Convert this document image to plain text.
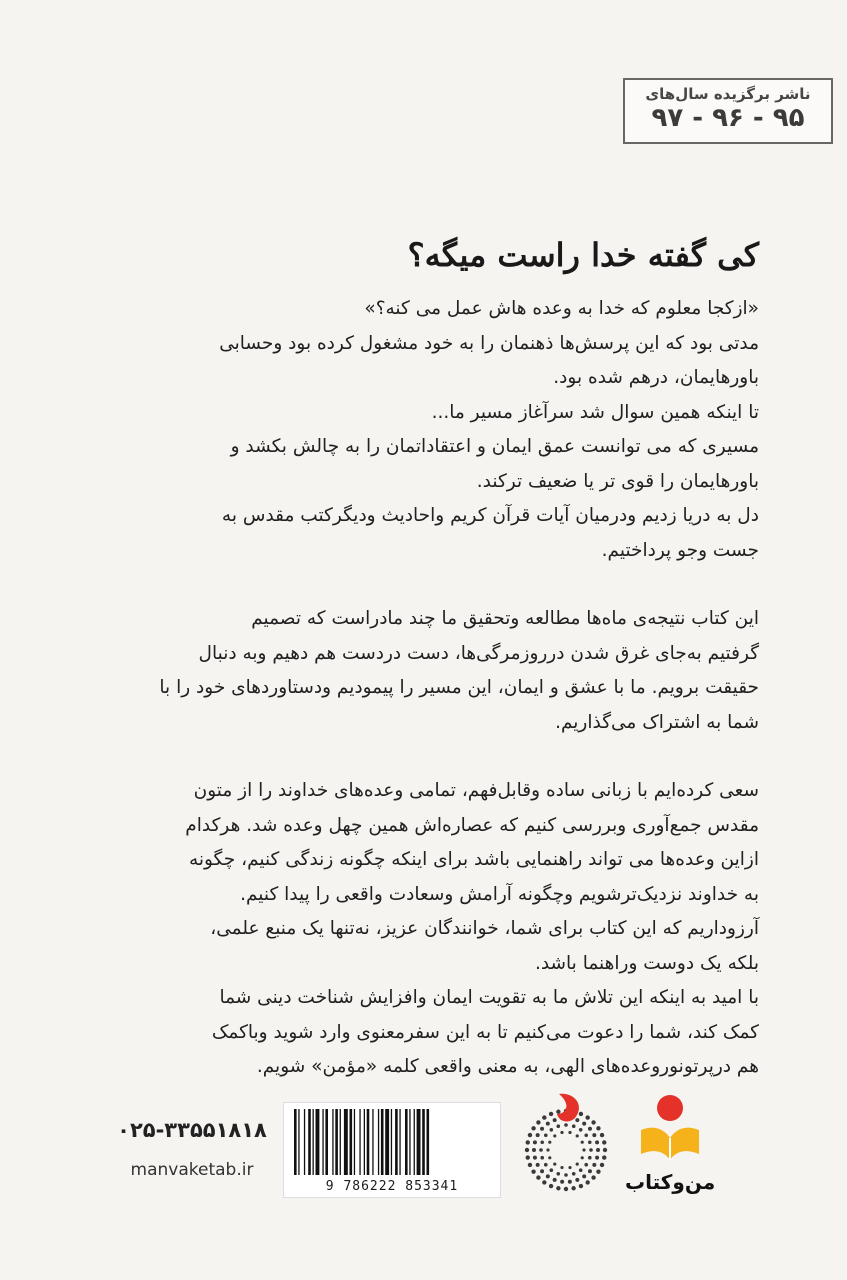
ناشر برگزیده سال‌های
۹۵ - ۹۶ - ۹۷
کی گفته خدا راست میگه؟

«ازکجا معلوم که خدا به وعده هاش عمل می کنه؟»

مدتی بود که این پرسش‌ها ذهنمان را به خود مشغول کرده بود وحسابی

باورهایمان، درهم شده بود.

تا اینکه همین سوال شد سرآغاز مسیر ما...

مسیری که می توانست عمق ایمان و اعتقاداتمان را به چالش بکشد و

باورهایمان را قوی تر یا ضعیف ترکند.

دل به دریا زدیم ودرمیان آیات قرآن کریم واحادیث ودیگرکتب مقدس به

جست وجو پرداختیم.

این کتاب نتیجه‌ی ماه‌ها مطالعه وتحقیق ما چند مادراست که تصمیم

گرفتیم به‌جای غرق شدن درروزمرگی‌ها، دست دردست هم دهیم وبه دنبال

حقیقت برویم. ما با عشق و ایمان، این مسیر را پیمودیم ودستاوردهای خود را با

شما به اشتراک می‌گذاریم.

سعی کرده‌ایم با زبانی ساده وقابل‌فهم، تمامی وعده‌های خداوند را از متون

مقدس جمع‌آوری وبررسی کنیم که عصاره‌اش همین چهل وعده شد. هرکدام

ازاین وعده‌ها می تواند راهنمایی باشد برای اینکه چگونه زندگی کنیم، چگونه

به خداوند نزدیک‌ترشویم وچگونه آرامش وسعادت واقعی را پیدا کنیم.

آرزوداریم که این کتاب برای شما، خوانندگان عزیز، نه‌تنها یک منبع علمی،

بلکه یک دوست وراهنما باشد.

با امید به اینکه این تلاش ما به تقویت ایمان وافزایش شناخت دینی شما

کمک کند، شما را دعوت می‌کنیم تا به این سفرمعنوی وارد شوید وباکمک

هم درپرتونوروعده‌های الهی، به معنی واقعی کلمه «مؤمن» شویم.

۰۲۵-۳۳۵۵۱۸۱۸
manvaketab.ir
9 786222 853341	من‌وکتاب
